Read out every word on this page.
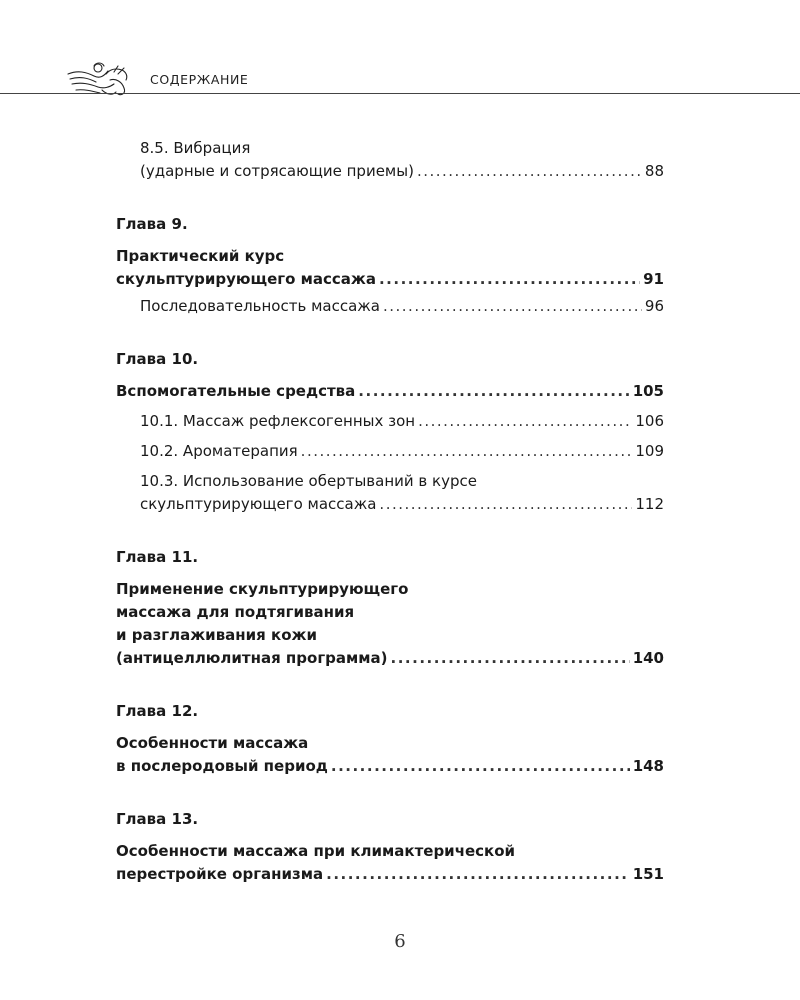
СОДЕРЖАНИЕ
8.5. Вибрация
(ударные и сотрясающие приемы) .....	88
Глава 9.
Практический курс
скульптурирующего массажа .....	91
Последовательность массажа .....	96
Глава 10.
Вспомогательные средства .....	105
10.1. Массаж рефлексогенных зон .....	106
10.2. Ароматерапия .....	109
10.3. Использование обертываний в курсе
скульптурирующего массажа .....	112
Глава 11.
Применение скульптурирующего
массажа для подтягивания
и разглаживания кожи
(антицеллюлитная программа) .....	140
Глава 12.
Особенности массажа
в послеродовый период .....	148
Глава 13.
Особенности массажа при климактерической
перестройке организма .....	151
6
